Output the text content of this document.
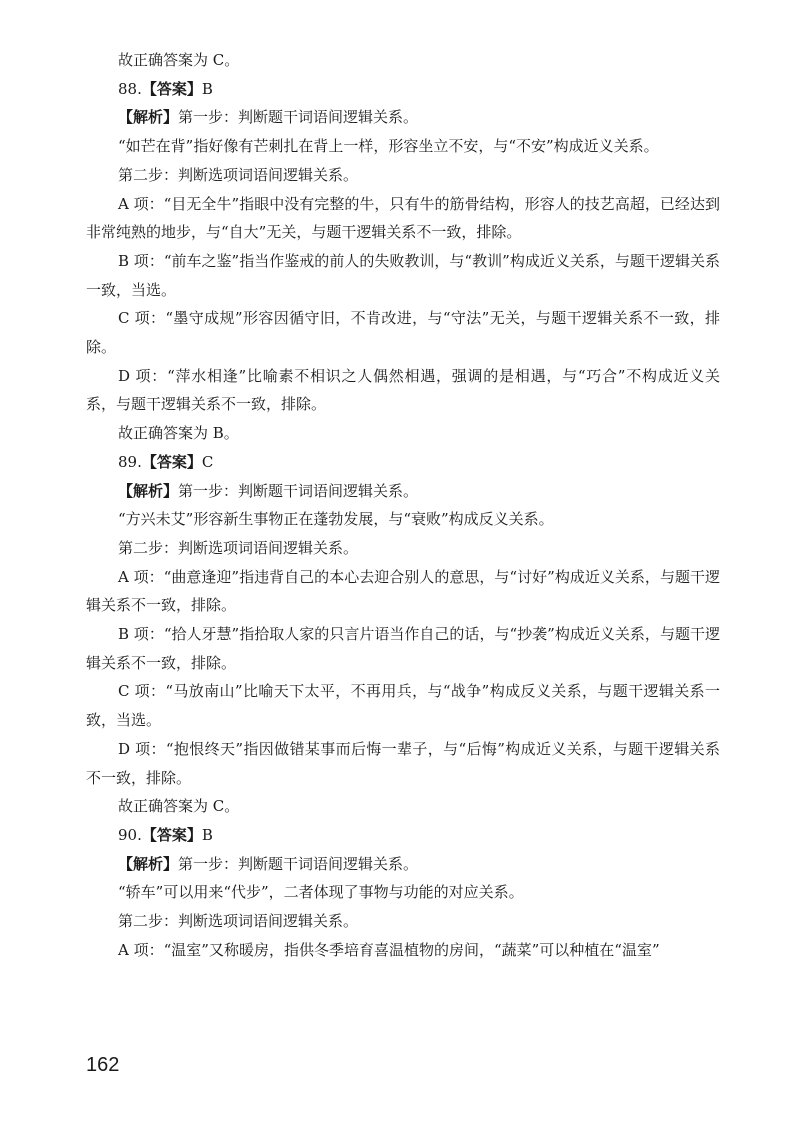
故正确答案为 C。

88.【答案】B

【解析】第一步：判断题干词语间逻辑关系。

“如芒在背”指好像有芒刺扎在背上一样，形容坐立不安，与“不安”构成近义关系。

第二步：判断选项词语间逻辑关系。

A 项：“目无全牛”指眼中没有完整的牛，只有牛的筋骨结构，形容人的技艺高超，已经达到非常纯熟的地步，与“自大”无关，与题干逻辑关系不一致，排除。

B 项：“前车之鉴”指当作鉴戒的前人的失败教训，与“教训”构成近义关系，与题干逻辑关系一致，当选。

C 项：“墨守成规”形容因循守旧，不肯改进，与“守法”无关，与题干逻辑关系不一致，排除。

D 项：“萍水相逢”比喻素不相识之人偶然相遇，强调的是相遇，与“巧合”不构成近义关系，与题干逻辑关系不一致，排除。

故正确答案为 B。

89.【答案】C

【解析】第一步：判断题干词语间逻辑关系。

“方兴未艾”形容新生事物正在蓬勃发展，与“衰败”构成反义关系。

第二步：判断选项词语间逻辑关系。

A 项：“曲意逢迎”指违背自己的本心去迎合别人的意思，与“讨好”构成近义关系，与题干逻辑关系不一致，排除。

B 项：“拾人牙慧”指拾取人家的只言片语当作自己的话，与“抄袭”构成近义关系，与题干逻辑关系不一致，排除。

C 项：“马放南山”比喻天下太平，不再用兵，与“战争”构成反义关系，与题干逻辑关系一致，当选。

D 项：“抱恨终天”指因做错某事而后悔一辈子，与“后悔”构成近义关系，与题干逻辑关系不一致，排除。

故正确答案为 C。

90.【答案】B

【解析】第一步：判断题干词语间逻辑关系。

“轿车”可以用来“代步”，二者体现了事物与功能的对应关系。

第二步：判断选项词语间逻辑关系。

A 项：“温室”又称暖房，指供冬季培育喜温植物的房间，“蔬菜”可以种植在“温室”

162
